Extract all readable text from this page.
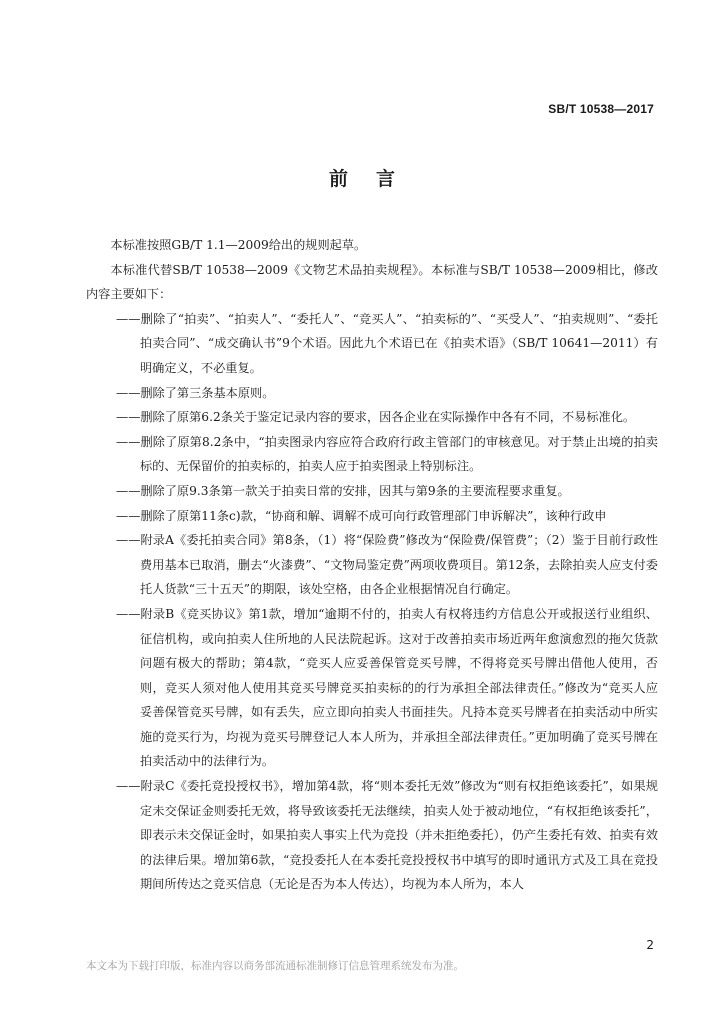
SB/T 10538—2017
前言

本标准按照GB/T 1.1—2009给出的规则起草。

本标准代替SB/T 10538—2009《文物艺术品拍卖规程》。本标准与SB/T 10538—2009相比，修改内容主要如下：

——删除了“拍卖”、“拍卖人”、“委托人”、“竞买人”、“拍卖标的”、“买受人”、“拍卖规则”、“委托拍卖合同”、“成交确认书”9个术语。因此九个术语已在《拍卖术语》（SB/T 10641—2011）有明确定义，不必重复。

——删除了第三条基本原则。

——删除了原第6.2条关于鉴定记录内容的要求，因各企业在实际操作中各有不同，不易标准化。

——删除了原第8.2条中，“拍卖图录内容应符合政府行政主管部门的审核意见。对于禁止出境的拍卖标的、无保留价的拍卖标的，拍卖人应于拍卖图录上特别标注。

——删除了原9.3条第一款关于拍卖日常的安排，因其与第9条的主要流程要求重复。

——删除了原第11条c)款，“协商和解、调解不成可向行政管理部门申诉解决”，该种行政申

——附录A《委托拍卖合同》第8条，（1）将“保险费”修改为“保险费/保管费”；（2）鉴于目前行政性费用基本已取消，删去“火漆费”、“文物局鉴定费”两项收费项目。第12条，去除拍卖人应支付委托人货款“三十五天”的期限，该处空格，由各企业根据情况自行确定。

——附录B《竞买协议》第1款，增加“逾期不付的，拍卖人有权将违约方信息公开或报送行业组织、征信机构，或向拍卖人住所地的人民法院起诉。这对于改善拍卖市场近两年愈演愈烈的拖欠货款问题有极大的帮助；第4款，“竞买人应妥善保管竞买号牌，不得将竞买号牌出借他人使用，否则，竞买人须对他人使用其竞买号牌竞买拍卖标的的行为承担全部法律责任。”修改为“竞买人应妥善保管竞买号牌，如有丢失，应立即向拍卖人书面挂失。凡持本竞买号牌者在拍卖活动中所实施的竞买行为，均视为竞买号牌登记人本人所为，并承担全部法律责任。”更加明确了竞买号牌在拍卖活动中的法律行为。

——附录C《委托竞投授权书》，增加第4款，将“则本委托无效”修改为“则有权拒绝该委托”，如果规定未交保证金则委托无效，将导致该委托无法继续，拍卖人处于被动地位，“有权拒绝该委托”，即表示未交保证金时，如果拍卖人事实上代为竞投（并未拒绝委托），仍产生委托有效、拍卖有效的法律后果。增加第6款，“竞投委托人在本委托竞投授权书中填写的即时通讯方式及工具在竞投期间所传达之竞买信息（无论是否为本人传达），均视为本人所为，本人

2
本文本为下载打印版，标准内容以商务部流通标准制修订信息管理系统发布为准。
